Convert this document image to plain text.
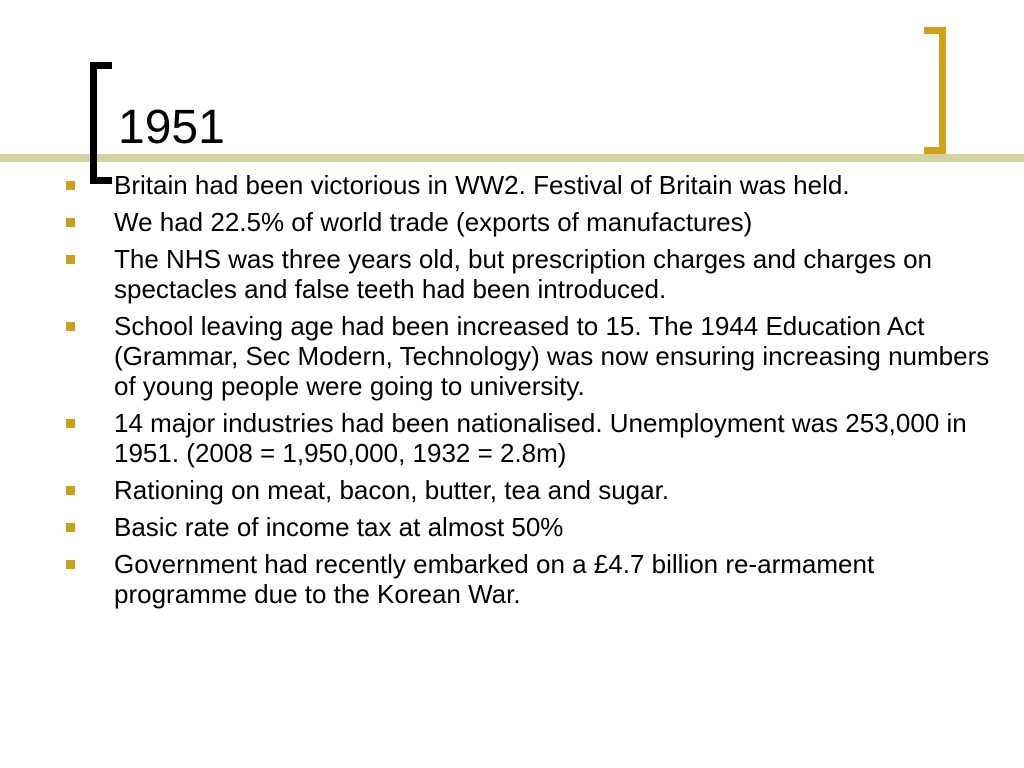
1951
Britain had been victorious in WW2. Festival of Britain was held.
We had 22.5% of world trade (exports of manufactures)
The NHS was three years old, but prescription charges and charges on spectacles and false teeth had been introduced.
School leaving age had been increased to 15. The 1944 Education Act (Grammar, Sec Modern, Technology) was now ensuring increasing numbers of young people were going to university.
14 major industries had been nationalised. Unemployment was 253,000 in 1951. (2008 = 1,950,000, 1932 = 2.8m)
Rationing on meat, bacon, butter, tea and sugar.
Basic rate of income tax at almost 50%
Government had recently embarked on a £4.7 billion re-armament programme due to the Korean War.
